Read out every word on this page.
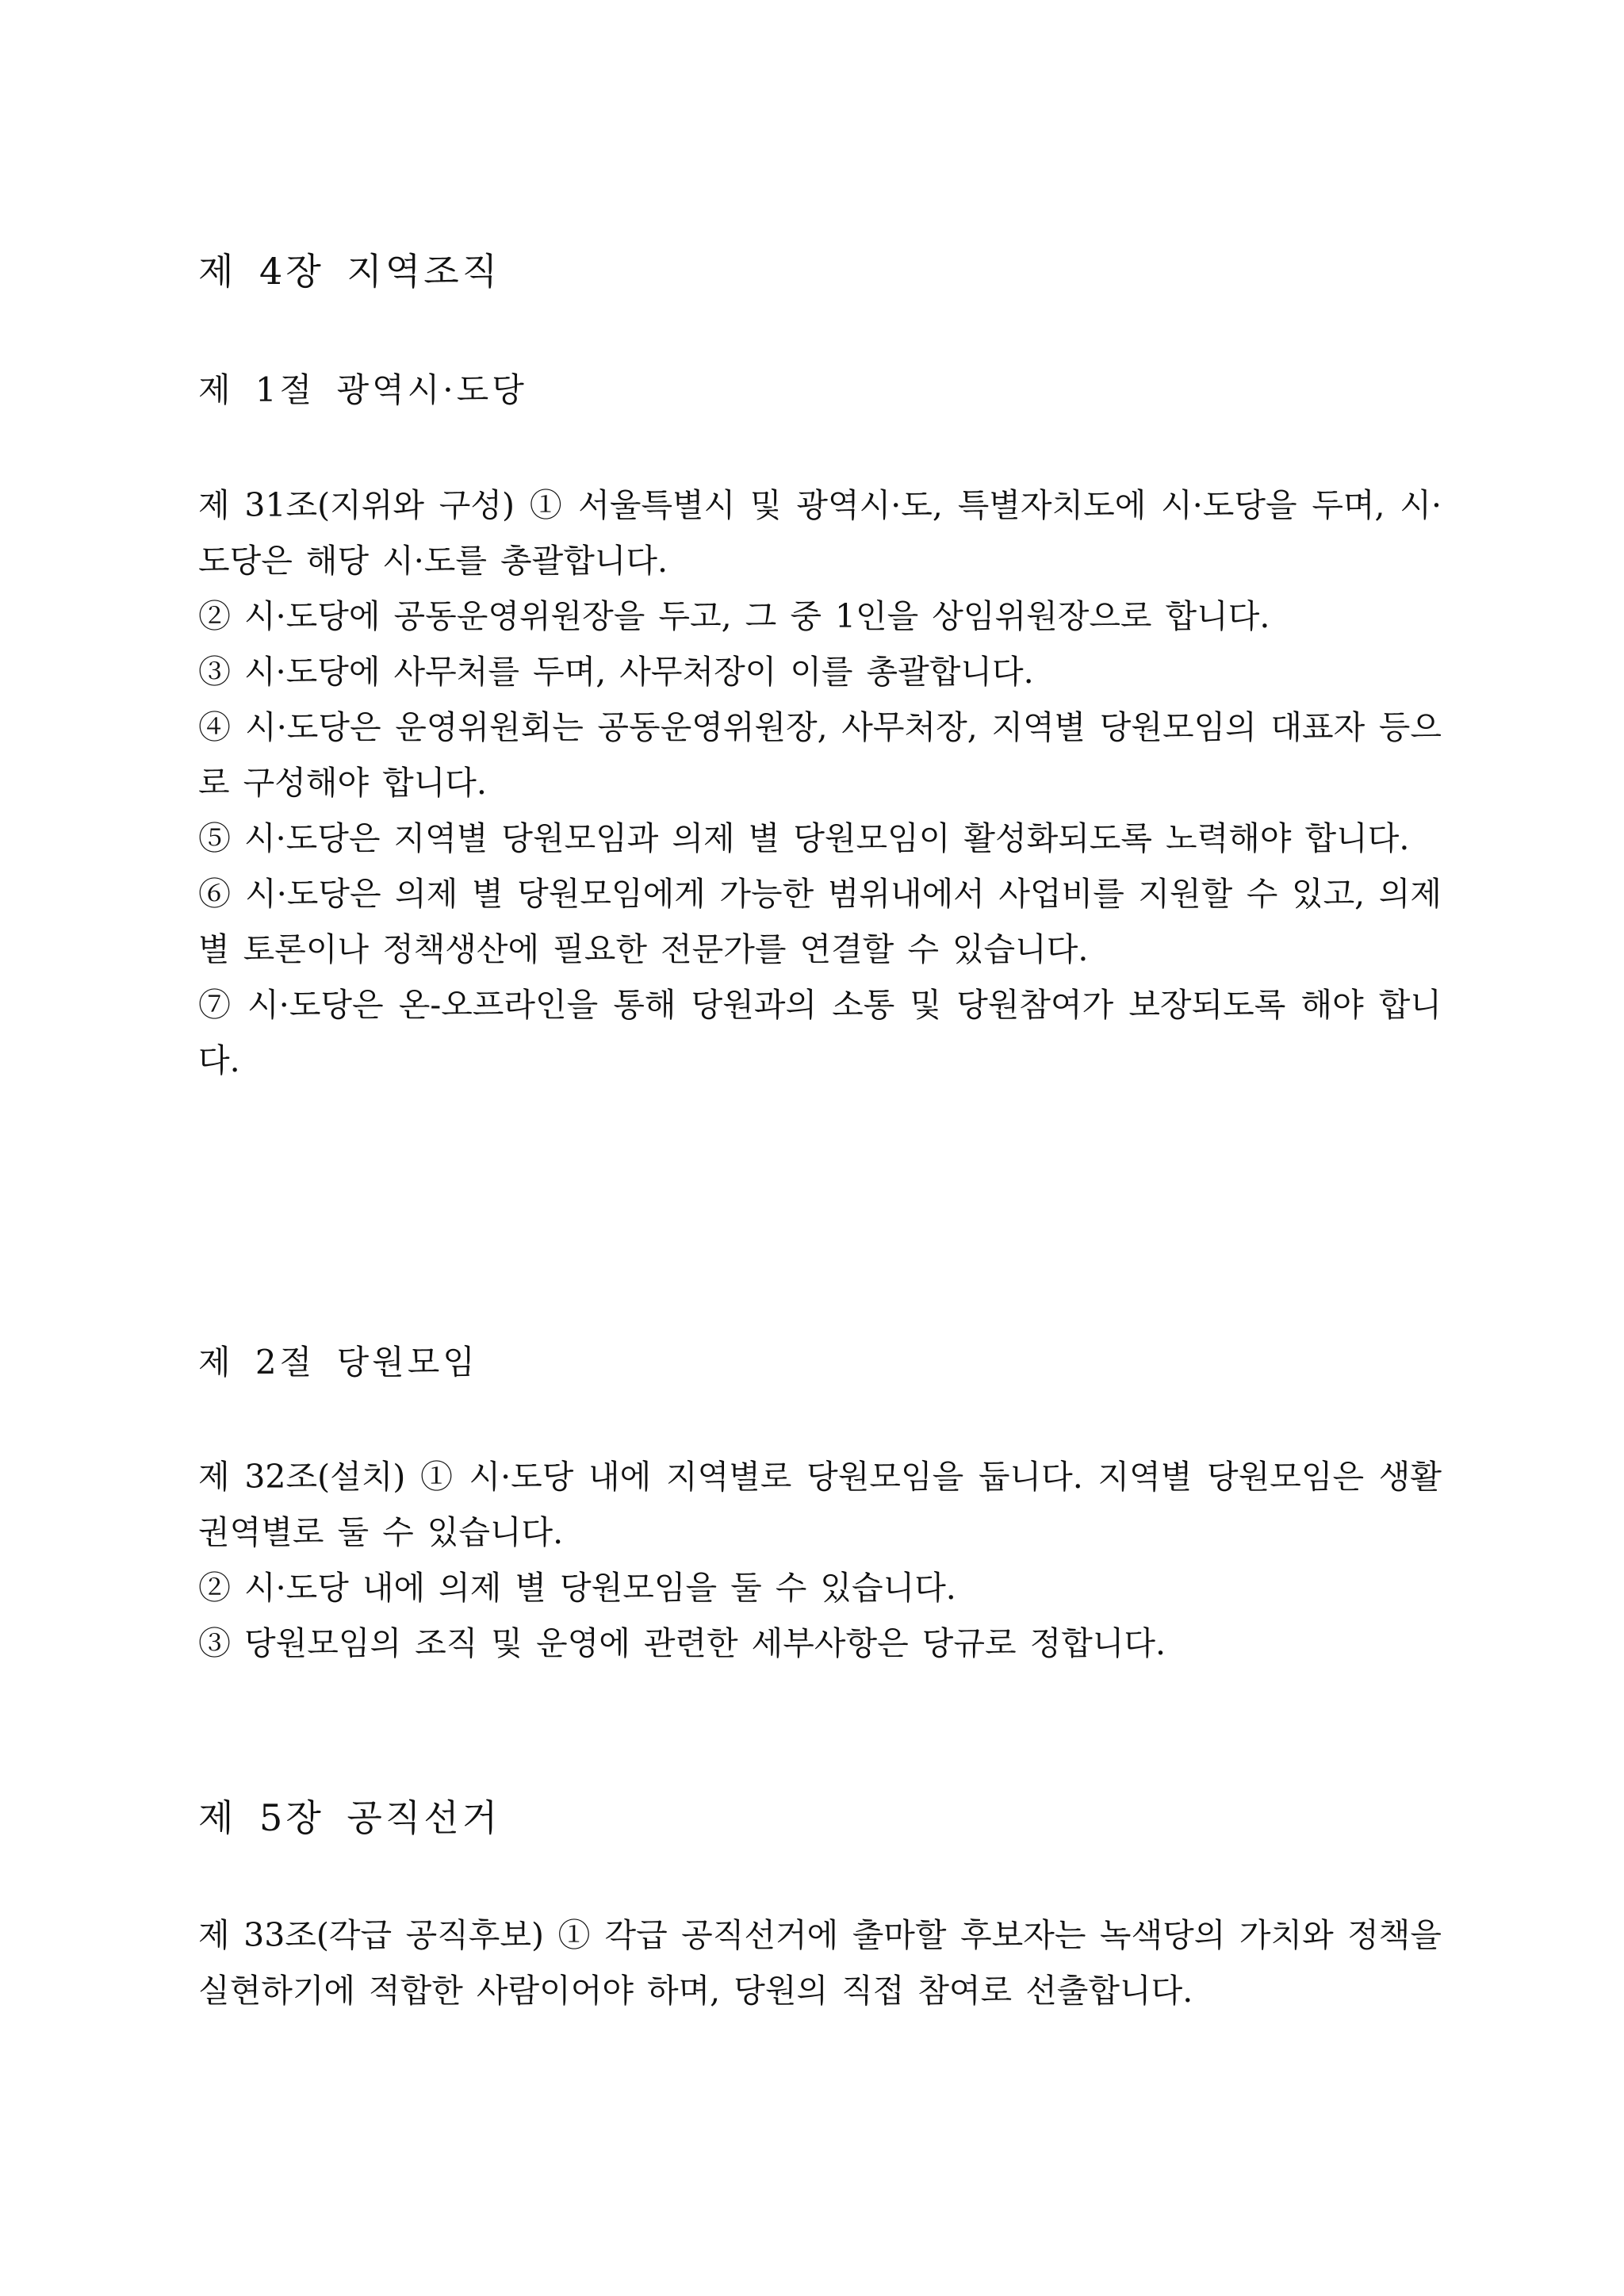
제 4장 지역조직
제 1절 광역시·도당

제 31조(지위와 구성) ① 서울특별시 및 광역시·도, 특별자치도에 시·도당을 두며, 시·도당은 해당 시·도를 총괄합니다.

② 시·도당에 공동운영위원장을 두고, 그 중 1인을 상임위원장으로 합니다.

③ 시·도당에 사무처를 두며, 사무처장이 이를 총괄합니다.

④ 시·도당은 운영위원회는 공동운영위원장, 사무처장, 지역별 당원모임의 대표자 등으로 구성해야 합니다.

⑤ 시·도당은 지역별 당원모임과 의제 별 당원모임이 활성화되도록 노력해야 합니다.

⑥ 시·도당은 의제 별 당원모임에게 가능한 범위내에서 사업비를 지원할 수 있고, 의제 별 토론이나 정책생산에 필요한 전문가를 연결할 수 있습니다.

⑦ 시·도당은 온-오프라인을 통해 당원과의 소통 및 당원참여가 보장되도록 해야 합니다.

제 2절 당원모임

제 32조(설치) ① 시·도당 내에 지역별로 당원모임을 둡니다. 지역별 당원모임은 생활권역별로 둘 수 있습니다.

② 시·도당 내에 의제 별 당원모임을 둘 수 있습니다.

③ 당원모임의 조직 및 운영에 관련한 세부사항은 당규로 정합니다.

제 5장 공직선거

제 33조(각급 공직후보) ① 각급 공직선거에 출마할 후보자는 녹색당의 가치와 정책을 실현하기에 적합한 사람이어야 하며, 당원의 직접 참여로 선출합니다.
